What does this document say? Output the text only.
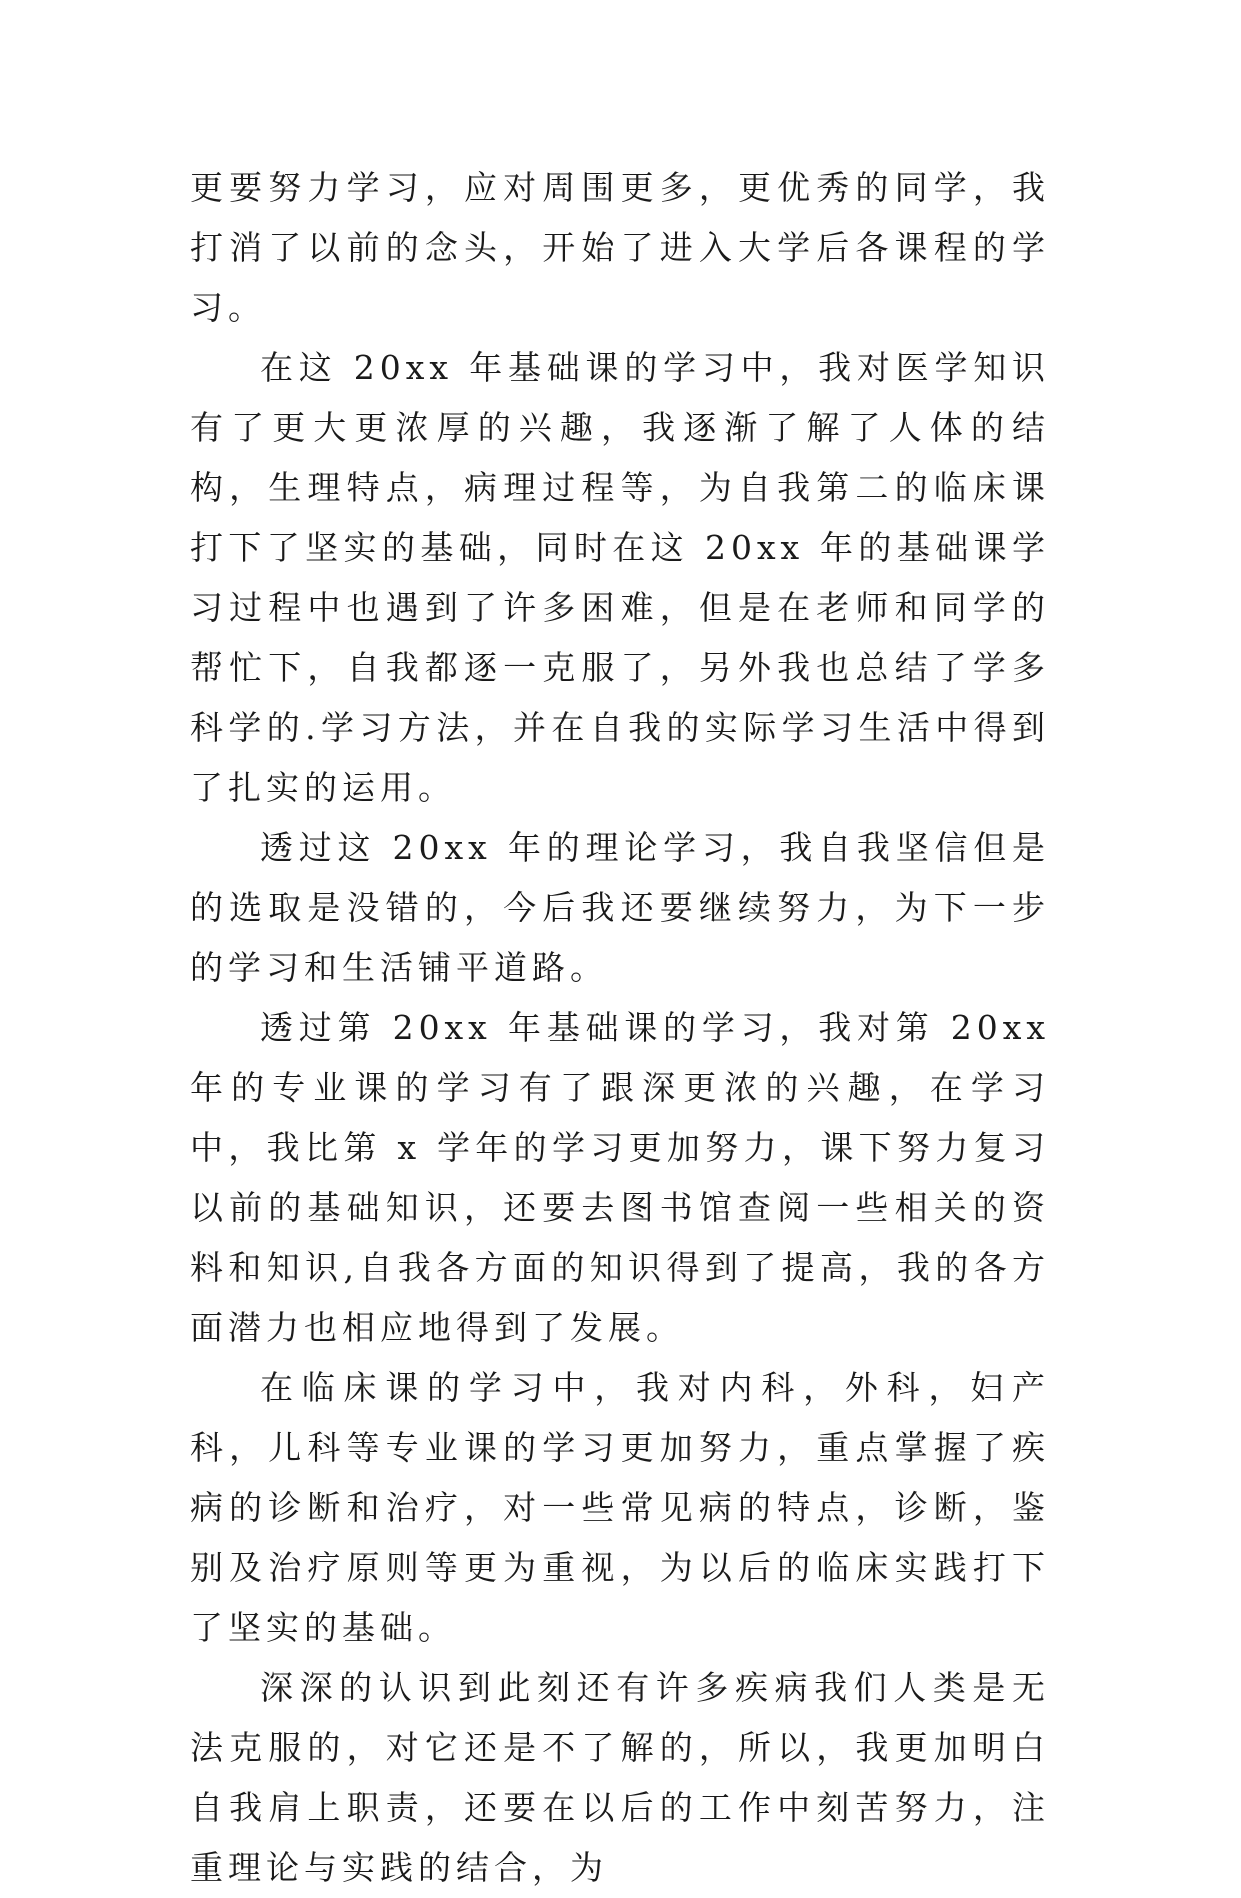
更要努力学习，应对周围更多，更优秀的同学，我打消了以前的念头，开始了进入大学后各课程的学习。

在这 20xx 年基础课的学习中，我对医学知识有了更大更浓厚的兴趣，我逐渐了解了人体的结构，生理特点，病理过程等，为自我第二的临床课打下了坚实的基础，同时在这 20xx 年的基础课学习过程中也遇到了许多困难，但是在老师和同学的帮忙下，自我都逐一克服了，另外我也总结了学多科学的.学习方法，并在自我的实际学习生活中得到了扎实的运用。

透过这 20xx 年的理论学习，我自我坚信但是的选取是没错的，今后我还要继续努力，为下一步的学习和生活铺平道路。

透过第 20xx 年基础课的学习，我对第 20xx 年的专业课的学习有了跟深更浓的兴趣，在学习中，我比第 x 学年的学习更加努力，课下努力复习以前的基础知识，还要去图书馆查阅一些相关的资料和知识,自我各方面的知识得到了提高，我的各方面潜力也相应地得到了发展。

在临床课的学习中，我对内科，外科，妇产科，儿科等专业课的学习更加努力，重点掌握了疾病的诊断和治疗，对一些常见病的特点，诊断，鉴别及治疗原则等更为重视，为以后的临床实践打下了坚实的基础。

深深的认识到此刻还有许多疾病我们人类是无法克服的，对它还是不了解的，所以，我更加明白自我肩上职责，还要在以后的工作中刻苦努力，注重理论与实践的结合，为
